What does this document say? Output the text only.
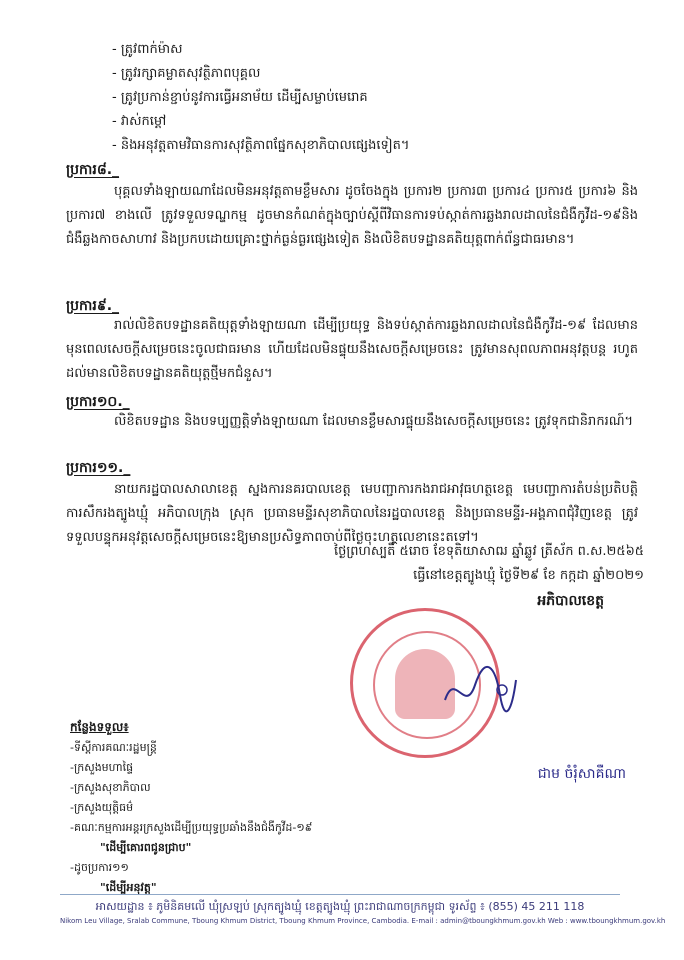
- ត្រូវពាក់ម៉ាស
- ត្រូវរក្សាគម្លាតសុវត្ថិភាពបុគ្គល
- ត្រូវប្រកាន់ខ្ជាប់នូវការធ្វើអនាម័យ ដើម្បីសម្លាប់មេរោគ
- វាស់កម្តៅ
- និងអនុវត្តតាមវិធានការសុវត្ថិភាពផ្នែកសុខាភិបាលផ្សេងទៀត។
ប្រការ៨._
បុគ្គលទាំងឡាយណាដែលមិនអនុវត្តតាមខ្លឹមសារ ដូចចែងក្នុង ប្រការ២ ប្រការ៣ ប្រការ៤ ប្រការ៥ ប្រការ៦ និងប្រការ៧ ខាងលើ ត្រូវទទួលទណ្ឌកម្ម ដូចមានកំណត់ក្នុងច្បាប់ស្តីពីវិធានការទប់ស្កាត់ការឆ្លងរាលដាលនៃជំងឺកូវីដ-១៩និងជំងឺឆ្លងកាចសាហាវ និងប្រកបដោយគ្រោះថ្នាក់ធ្ងន់ធ្ងរផ្សេងទៀត និងលិខិតបទដ្ឋានគតិយុត្តពាក់ព័ន្ធជាធរមាន។
ប្រការ៩._
រាល់លិខិតបទដ្ឋានគតិយុត្តទាំងឡាយណា ដើម្បីប្រយុទ្ធ និងទប់ស្កាត់ការឆ្លងរាលដាលនៃជំងឺកូវីដ-១៩ ដែលមានមុនពេលសេចក្តីសម្រេចនេះចូលជាធរមាន ហើយដែលមិនផ្ទុយនឹងសេចក្តីសម្រេចនេះ ត្រូវមានសុពលភាពអនុវត្តបន្ត រហូតដល់មានលិខិតបទដ្ឋានគតិយុត្តថ្មីមកជំនួស។
ប្រការ១០._
លិខិតបទដ្ឋាន និងបទប្បញ្ញត្តិទាំងឡាយណា ដែលមានខ្លឹមសារផ្ទុយនឹងសេចក្តីសម្រេចនេះ ត្រូវទុកជានិរាករណ៍។
ប្រការ១១._
នាយករដ្ឋបាលសាលាខេត្ត ស្នងការនគរបាលខេត្ត មេបញ្ជាការកងរាជអាវុធហត្ថខេត្ត មេបញ្ជាការតំបន់ប្រតិបត្តិការសឹករងត្បូងឃ្មុំ អភិបាលក្រុង ស្រុក ប្រធានមន្ទីរសុខាភិបាលនៃរដ្ឋបាលខេត្ត និងប្រធានមន្ទីរ-អង្គភាពជុំវិញខេត្ត ត្រូវទទួលបន្ទុកអនុវត្តសេចក្តីសម្រេចនេះឱ្យមានប្រសិទ្ធភាពចាប់ពីថ្ងៃចុះហត្ថលេខានេះតទៅ។
ថ្ងៃព្រហស្បតិ៍ ៥រោច ខែទុតិយាសាឍ ឆ្នាំឆ្លូវ ត្រីស័ក ព.ស.២៥៦៥
ធ្វើនៅខេត្តត្បូងឃ្មុំ ថ្ងៃទី២៩ ខែ កក្កដា ឆ្នាំ២០២១
អភិបាលខេត្ត
ជាម ចំរុំ​សាគឺណា
កន្លែងទទួល៖
-ទីស្តីការគណៈរដ្ឋមន្ត្រី
-ក្រសួងមហាផ្ទៃ
-ក្រសួងសុខាភិបាល
-ក្រសួងយុត្តិធម៌
-គណៈកម្មការអន្តរក្រសួងដើម្បីប្រយុទ្ធប្រឆាំងនឹងជំងឺកូវីដ-១៩
"ដើម្បីគោរពជូនជ្រាប"
-ដូចប្រការ១១
"ដើម្បីអនុវត្ត"
អាសយដ្ឋាន ៖ ភូមិនិគមលើ ឃុំស្រឡប់ ស្រុកត្បូងឃ្មុំ ខេត្តត្បូងឃ្មុំ ព្រះរាជាណាចក្រកម្ពុជា ទូរស័ព្ទ ៖ (855) 45 211 118
Nikom Leu Village, Sralab Commune, Tboung Khmum District, Tboung Khmum Province, Cambodia. E-mail : admin@tboungkhmum.gov.kh Web : www.tboungkhmum.gov.kh
